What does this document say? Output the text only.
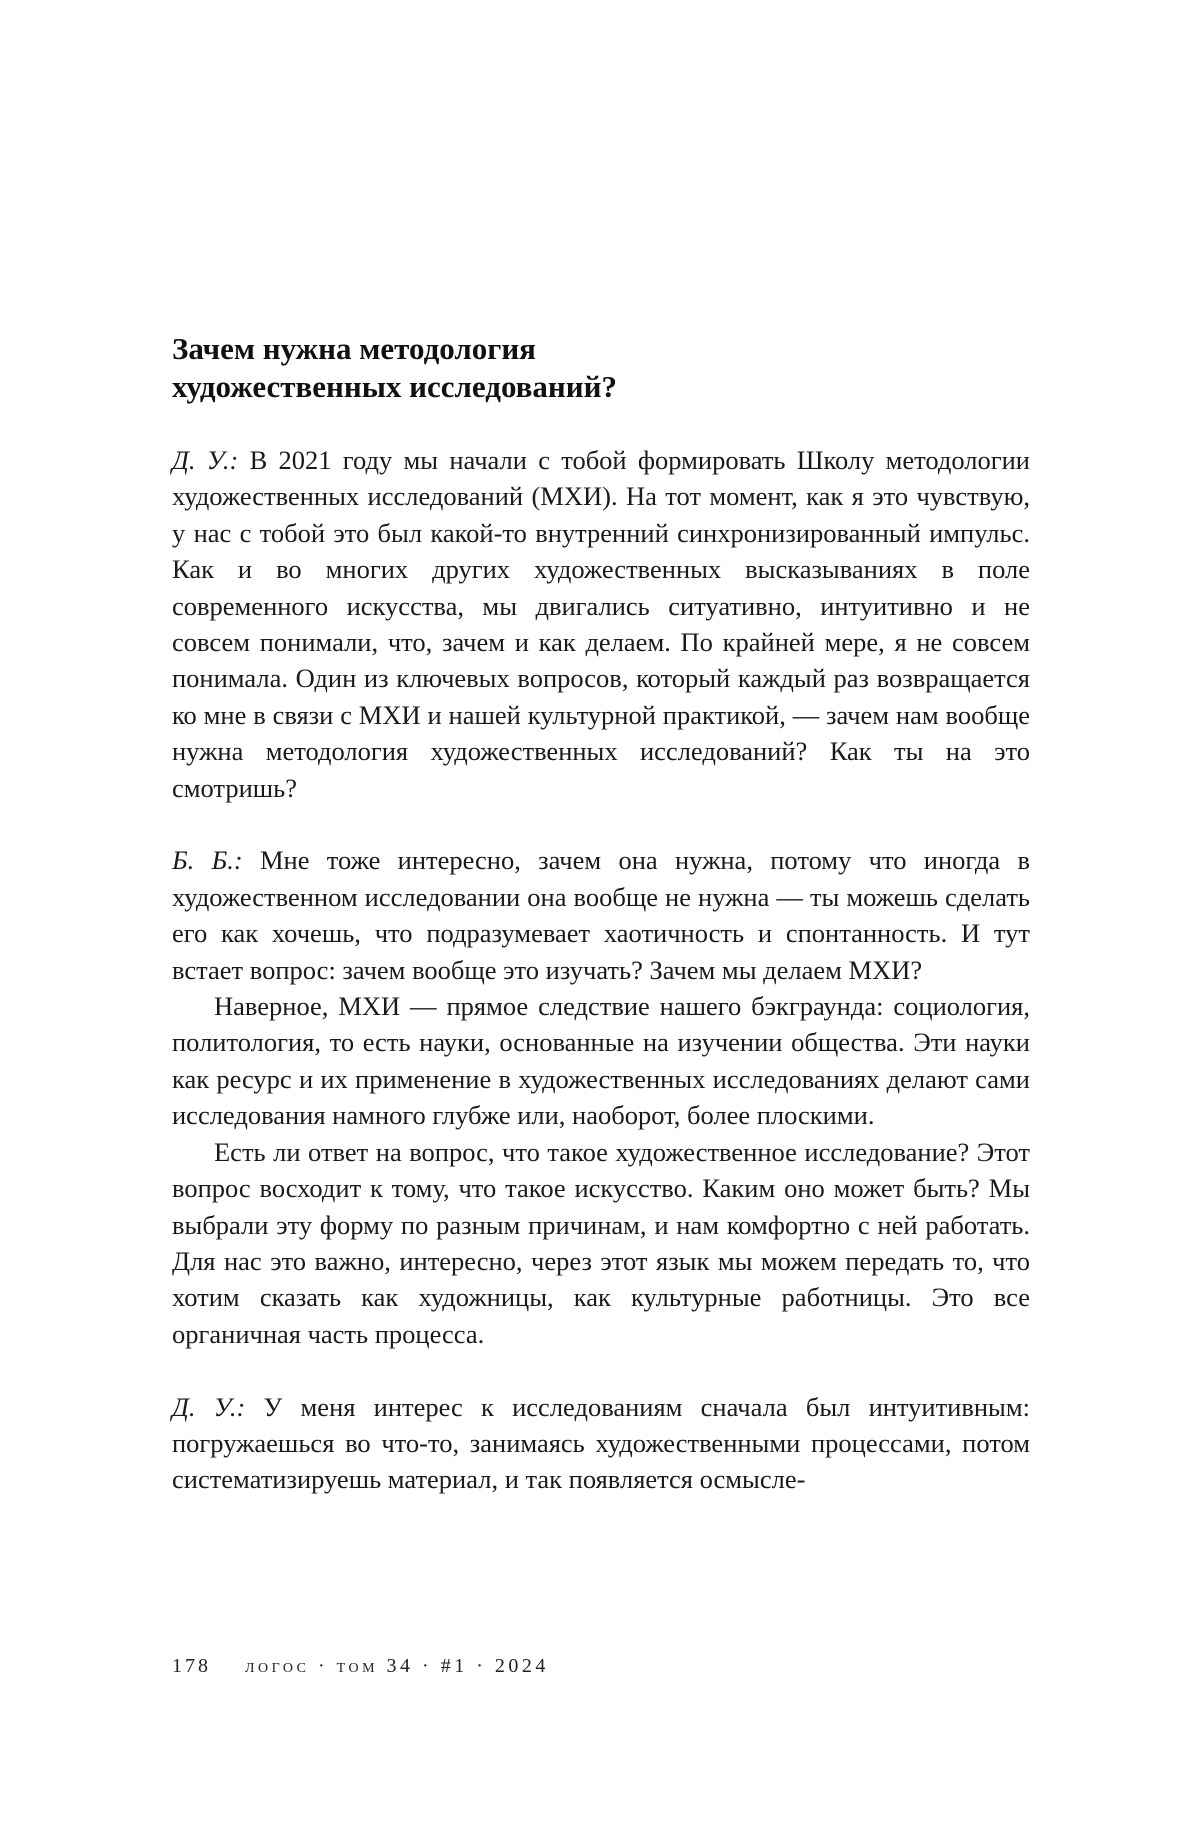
Зачем нужна методология
художественных исследований?

Д. У.: В 2021 году мы начали с тобой формировать Школу методологии художественных исследований (МХИ). На тот момент, как я это чувствую, у нас с тобой это был какой-то внутренний синхронизированный импульс. Как и во многих других художественных высказываниях в поле современного искусства, мы двигались ситуативно, интуитивно и не совсем понимали, что, зачем и как делаем. По крайней мере, я не совсем понимала. Один из ключевых вопросов, который каждый раз возвращается ко мне в связи с МХИ и нашей культурной практикой, — зачем нам вообще нужна методология художественных исследований? Как ты на это смотришь?

Б. Б.: Мне тоже интересно, зачем она нужна, потому что иногда в художественном исследовании она вообще не нужна — ты можешь сделать его как хочешь, что подразумевает хаотичность и спонтанность. И тут встает вопрос: зачем вообще это изучать? Зачем мы делаем МХИ?

Наверное, МХИ — прямое следствие нашего бэкграунда: социология, политология, то есть науки, основанные на изучении общества. Эти науки как ресурс и их применение в художественных исследованиях делают сами исследования намного глубже или, наоборот, более плоскими.

Есть ли ответ на вопрос, что такое художественное исследование? Этот вопрос восходит к тому, что такое искусство. Каким оно может быть? Мы выбрали эту форму по разным причинам, и нам комфортно с ней работать. Для нас это важно, интересно, через этот язык мы можем передать то, что хотим сказать как художницы, как культурные работницы. Это все органичная часть процесса.

Д. У.: У меня интерес к исследованиям сначала был интуитивным: погружаешься во что-то, занимаясь художественными процессами, потом систематизируешь материал, и так появляется осмысле-

178 логос · том 34 · #1 · 2024
